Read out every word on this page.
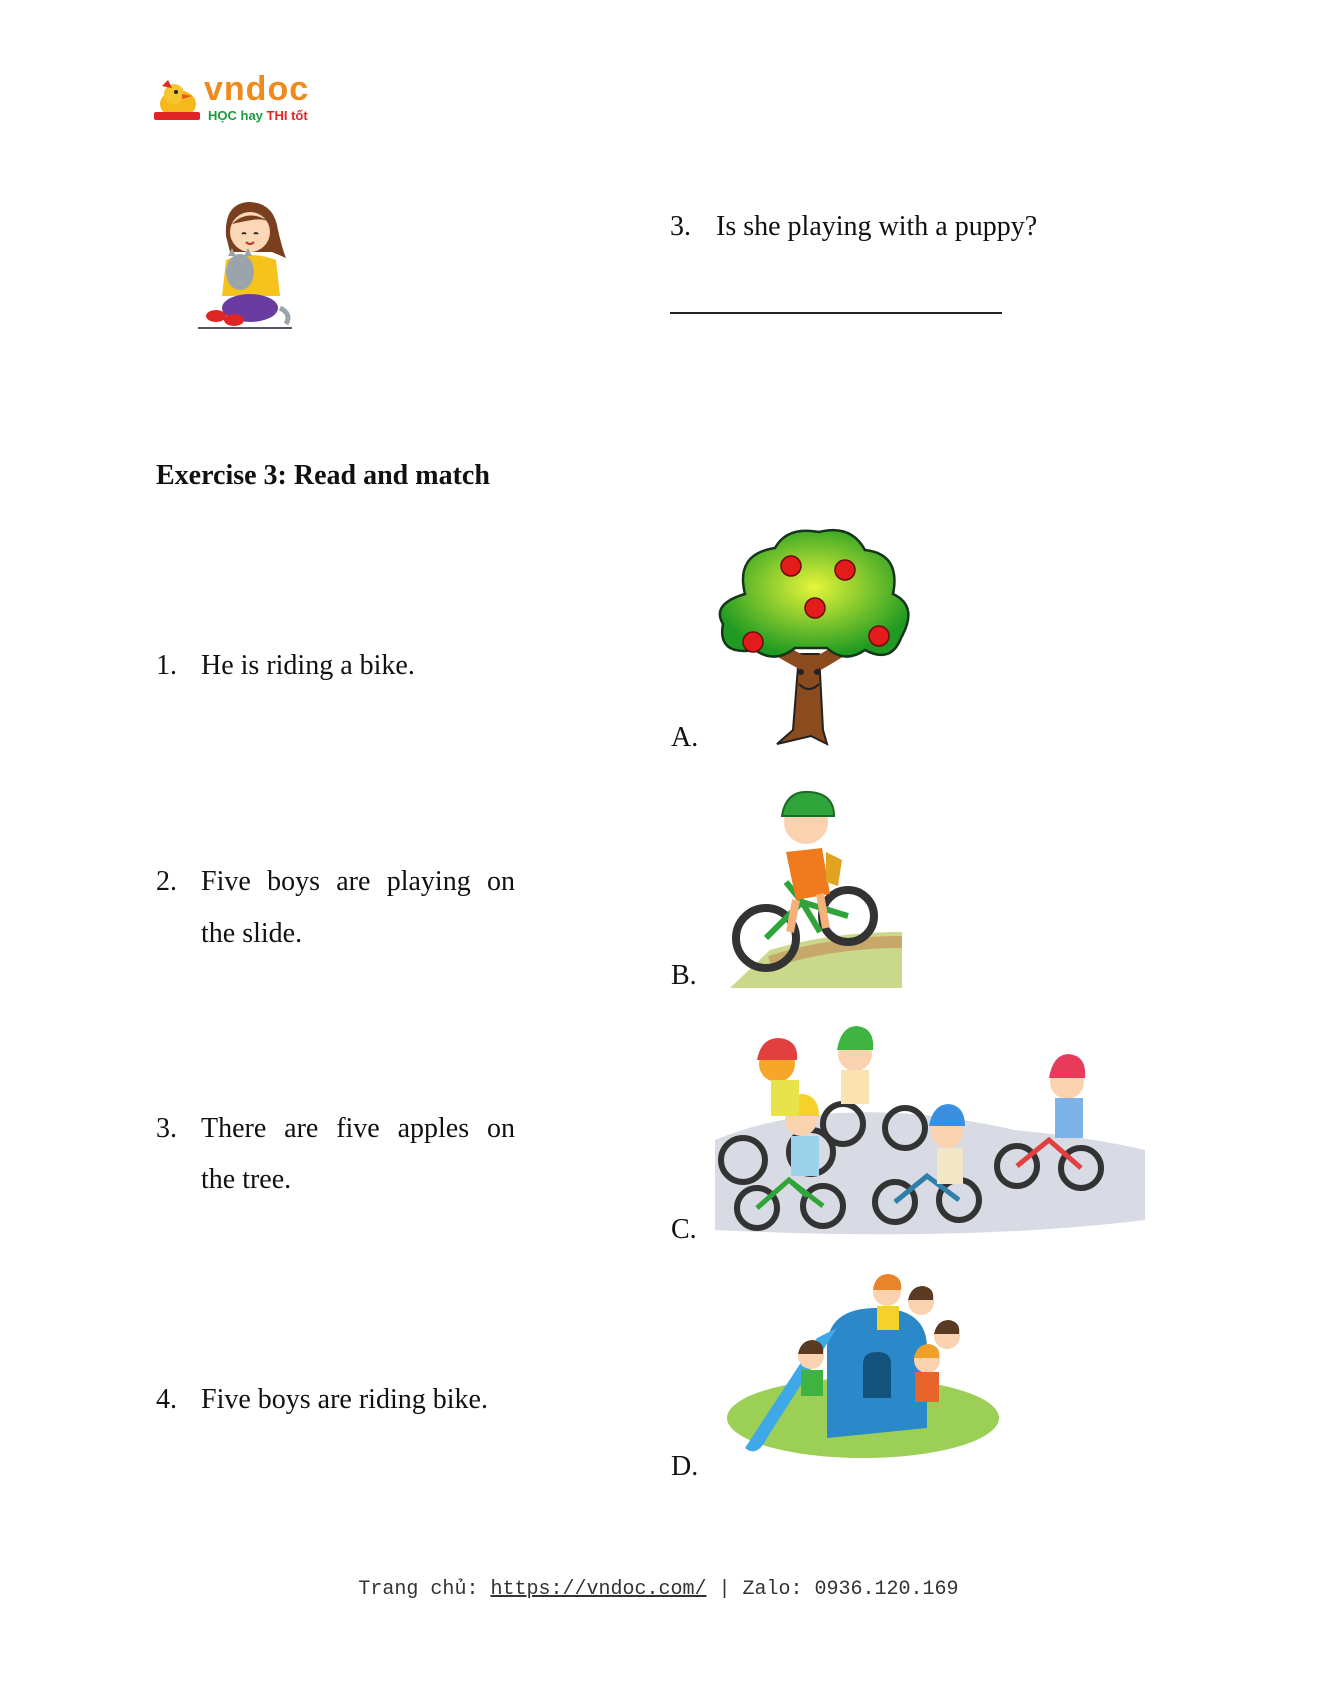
vndoc
HỌC hay THI tốt
3. Is she playing with a puppy?
Exercise 3: Read and match
1. He is riding a bike.
2. Five boys are playing on
the slide.
3. There are five apples on
the tree.
4. Five boys are riding bike.
A.
B.
C.
D.
Trang chủ: https://vndoc.com/ | Zalo: 0936.120.169
